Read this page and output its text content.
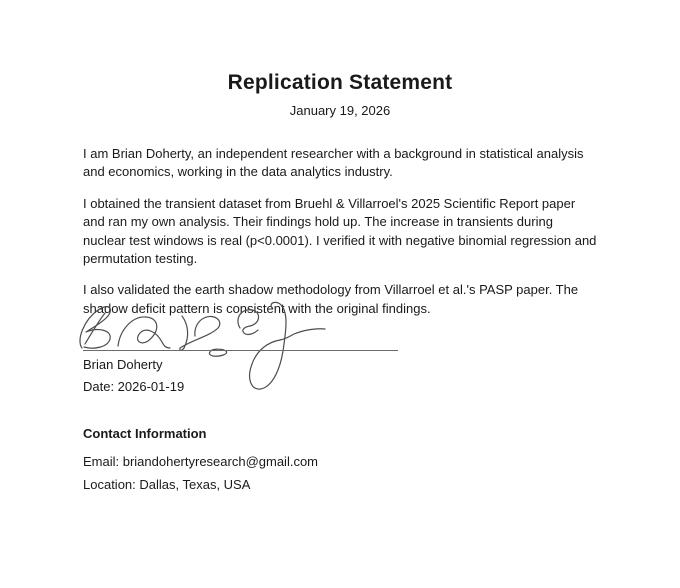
Replication Statement
January 19, 2026

I am Brian Doherty, an independent researcher with a background in statistical analysis and economics, working in the data analytics industry.

I obtained the transient dataset from Bruehl & Villarroel's 2025 Scientific Report paper and ran my own analysis. Their findings hold up. The increase in transients during nuclear test windows is real (p<0.0001). I verified it with negative binomial regression and permutation testing.

I also validated the earth shadow methodology from Villarroel et al.'s PASP paper. The shadow deficit pattern is consistent with the original findings.

Brian Doherty
Date: 2026-01-19
Contact Information
Email: briandohertyresearch@gmail.com
Location: Dallas, Texas, USA
